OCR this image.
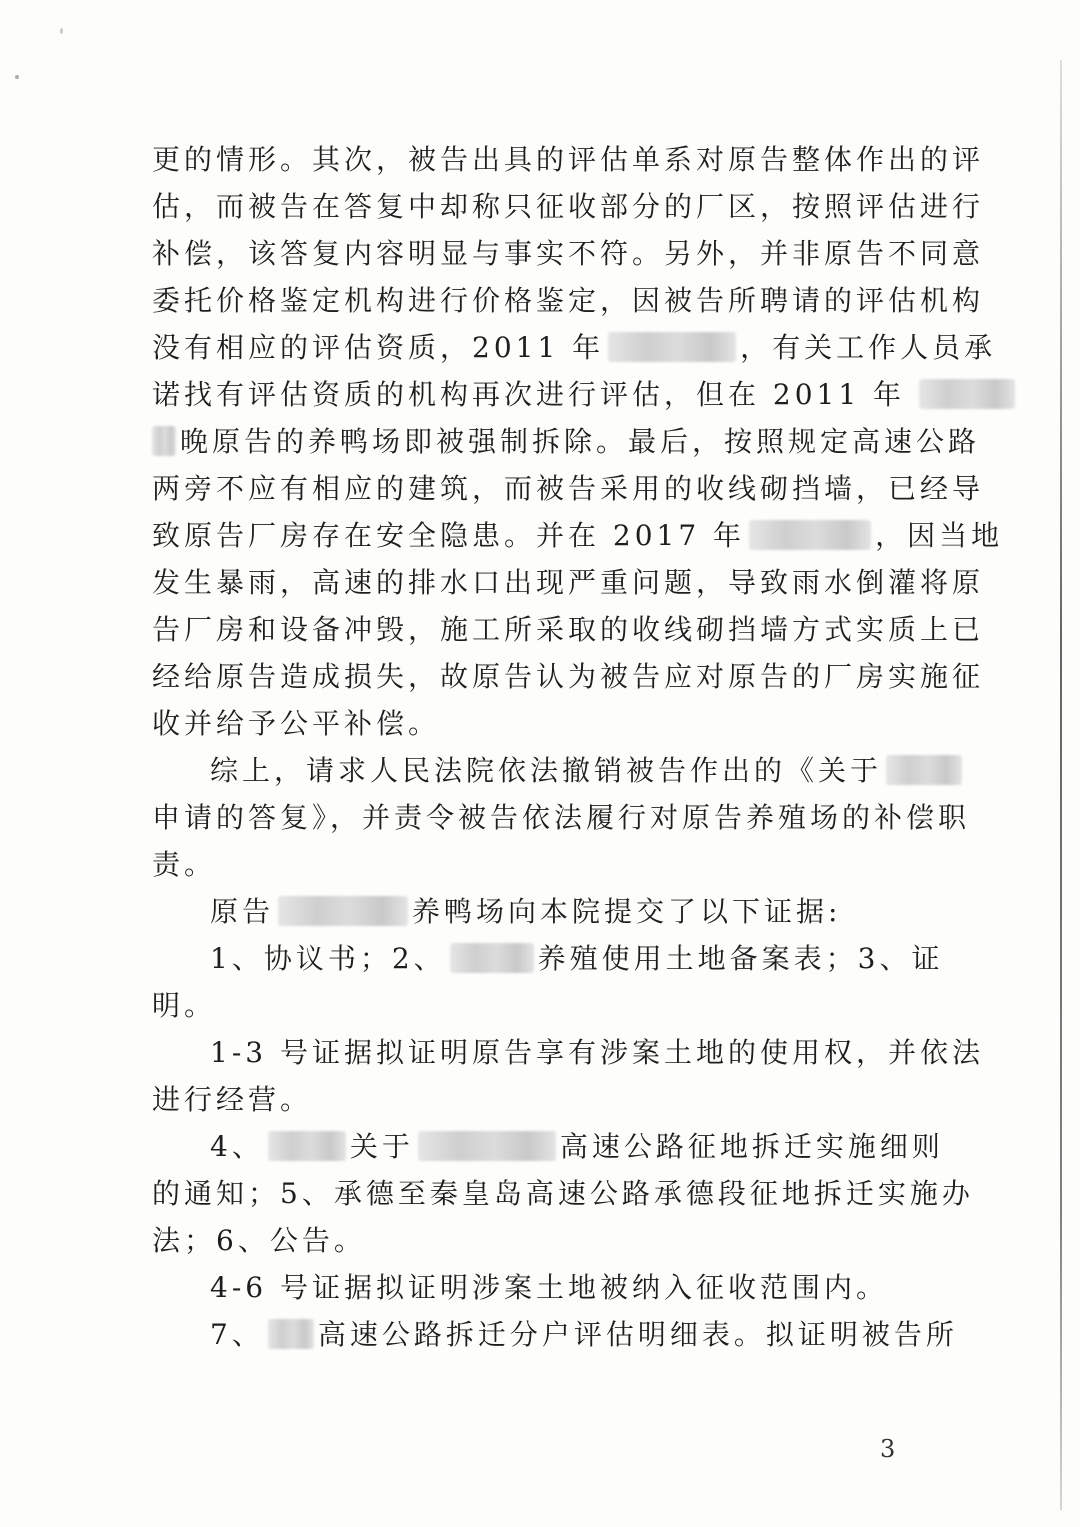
更的情形。其次，被告出具的评估单系对原告整体作出的评
估，而被告在答复中却称只征收部分的厂区，按照评估进行
补偿，该答复内容明显与事实不符。另外，并非原告不同意
委托价格鉴定机构进行价格鉴定，因被告所聘请的评估机构
没有相应的评估资质，2011 年	，有关工作人员承
诺找有评估资质的机构再次进行评估，但在 2011 年
晚原告的养鸭场即被强制拆除。最后，按照规定高速公路
两旁不应有相应的建筑，而被告采用的收线砌挡墙，已经导
致原告厂房存在安全隐患。并在 2017 年	，因当地
发生暴雨，高速的排水口出现严重问题，导致雨水倒灌将原
告厂房和设备冲毁，施工所采取的收线砌挡墙方式实质上已
经给原告造成损失，故原告认为被告应对原告的厂房实施征
收并给予公平补偿。
综上，请求人民法院依法撤销被告作出的《关于
申请的答复》，并责令被告依法履行对原告养殖场的补偿职
责。
原告	养鸭场向本院提交了以下证据:
1、协议书；2、	养殖使用土地备案表；3、证
明。
1-3 号证据拟证明原告享有涉案土地的使用权，并依法
进行经营。
4、	关于	高速公路征地拆迁实施细则
的通知；5、承德至秦皇岛高速公路承德段征地拆迁实施办
法；6、公告。
4-6 号证据拟证明涉案土地被纳入征收范围内。
7、 高速公路拆迁分户评估明细表。拟证明被告所
3
